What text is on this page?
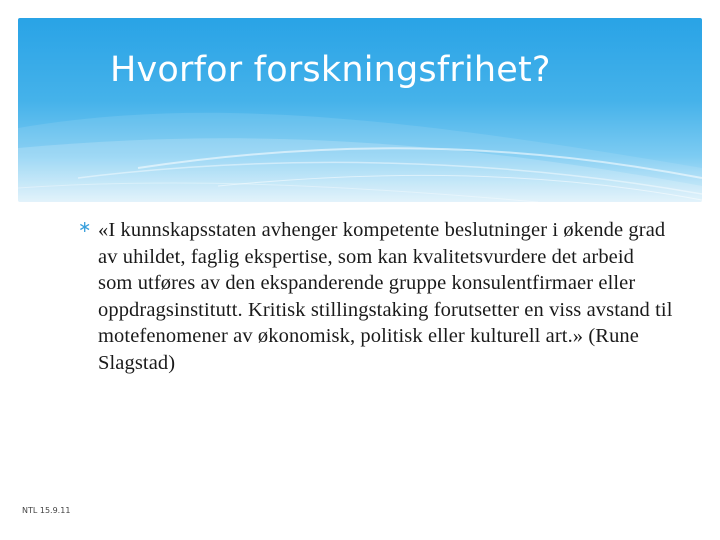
Hvorfor forskningsfrihet?
∗ «I kunnskapsstaten avhenger kompetente beslutninger i økende grad av uhildet, faglig ekspertise, som kan kvalitetsvurdere det arbeid som utføres av den ekspanderende gruppe konsulentfirmaer eller oppdragsinstitutt. Kritisk stillingstaking forutsetter en viss avstand til motefenomener av økonomisk, politisk eller kulturell art.» (Rune Slagstad)
NTL 15.9.11
